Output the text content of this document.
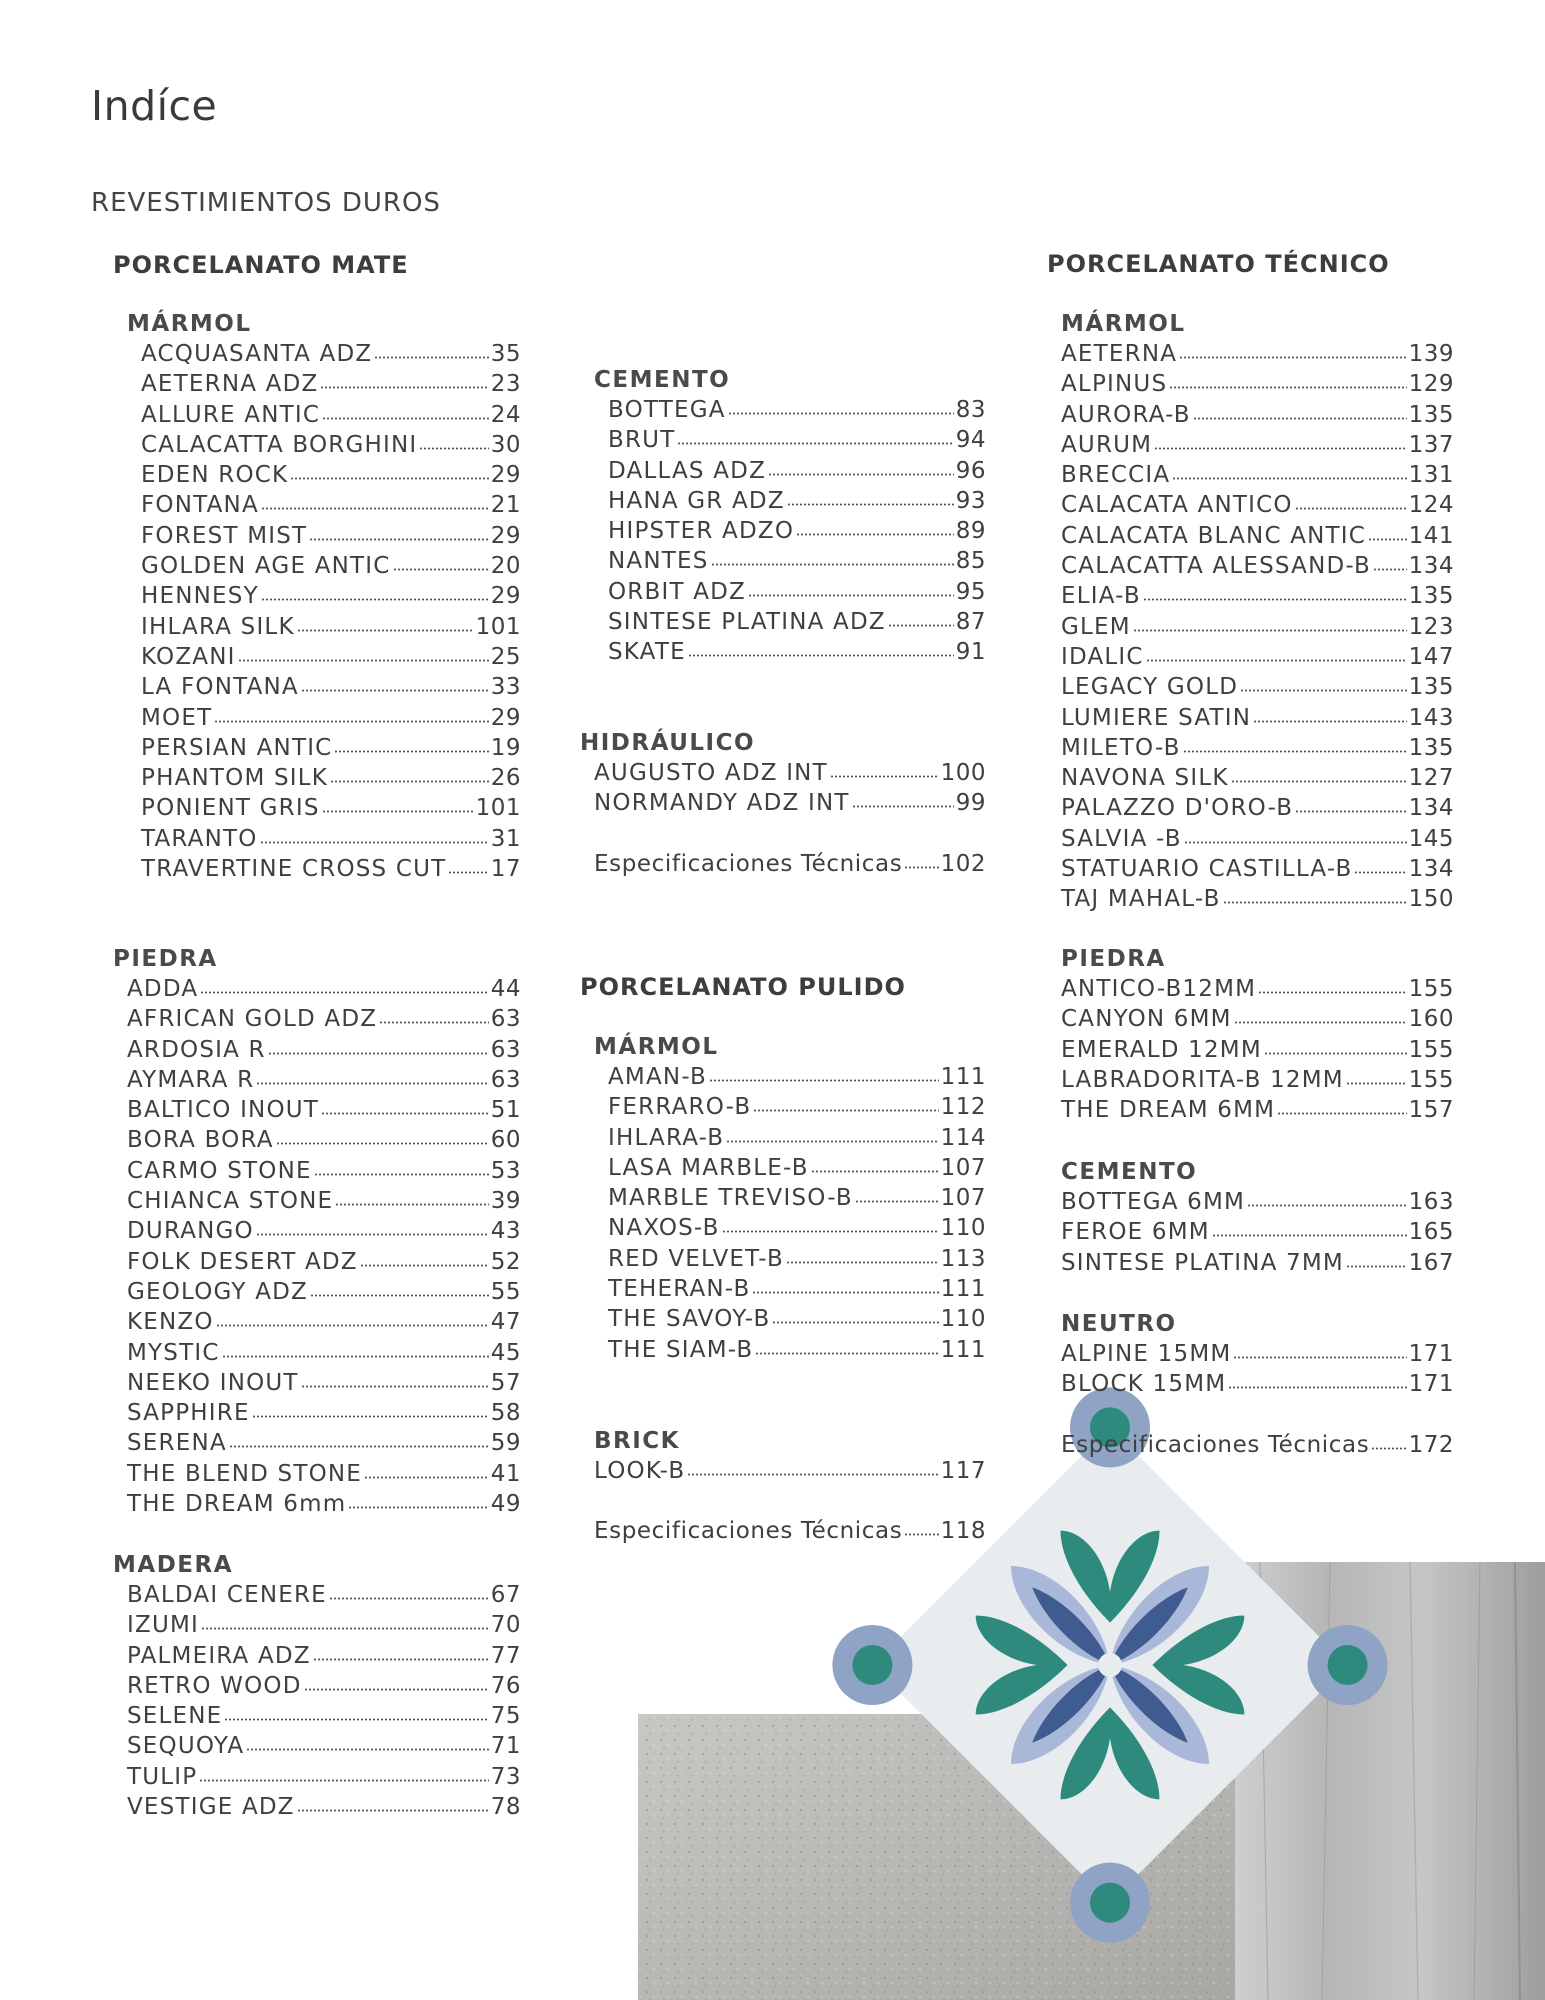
Indíce
REVESTIMIENTOS DUROS
PORCELANATO MATE
MÁRMOL
ACQUASANTA ADZ	35
AETERNA ADZ	23
ALLURE ANTIC	24
CALACATTA BORGHINI	30
EDEN ROCK	29
FONTANA	21
FOREST MIST	29
GOLDEN AGE ANTIC	20
HENNESY	29
IHLARA SILK	101
KOZANI	25
LA FONTANA	33
MOET	29
PERSIAN ANTIC	19
PHANTOM SILK	26
PONIENT GRIS	101
TARANTO	31
TRAVERTINE CROSS CUT 17
PIEDRA
ADDA	44
AFRICAN GOLD ADZ	63
ARDOSIA R	63
AYMARA R	63
BALTICO INOUT	51
BORA BORA	60
CARMO STONE	53
CHIANCA STONE	39
DURANGO	43
FOLK DESERT ADZ	52
GEOLOGY ADZ	55
KENZO	47
MYSTIC	45
NEEKO INOUT	57
SAPPHIRE	58
SERENA	59
THE BLEND STONE	41
THE DREAM 6mm	49
MADERA
BALDAI CENERE	67
IZUMI	70
PALMEIRA ADZ	77
RETRO WOOD	76
SELENE	75
SEQUOYA	71
TULIP	73
VESTIGE ADZ	78
CEMENTO
BOTTEGA	83
BRUT	94
DALLAS ADZ	96
HANA GR ADZ	93
HIPSTER ADZO	89
NANTES	85
ORBIT ADZ	95
SINTESE PLATINA ADZ	87
SKATE	91
HIDRÁULICO
AUGUSTO ADZ INT	100
NORMANDY ADZ INT	99
Especificaciones Técnicas 102
PORCELANATO PULIDO
MÁRMOL
AMAN-B	111
FERRARO-B	112
IHLARA-B	114
LASA MARBLE-B	107
MARBLE TREVISO-B	107
NAXOS-B	110
RED VELVET-B	113
TEHERAN-B	111
THE SAVOY-B	110
THE SIAM-B	111
BRICK
LOOK-B	117
Especificaciones Técnicas 118
PORCELANATO TÉCNICO
MÁRMOL
AETERNA	139
ALPINUS	129
AURORA-B	135
AURUM	137
BRECCIA	131
CALACATA ANTICO	124
CALACATA BLANC ANTIC 141
CALACATTA ALESSAND-B 134
ELIA-B	135
GLEM	123
IDALIC	147
LEGACY GOLD	135
LUMIERE SATIN	143
MILETO-B	135
NAVONA SILK	127
PALAZZO D'ORO-B	134
SALVIA -B	145
STATUARIO CASTILLA-B 134
TAJ MAHAL-B	150
PIEDRA
ANTICO-B12MM	155
CANYON 6MM	160
EMERALD 12MM	155
LABRADORITA-B 12MM	155
THE DREAM 6MM	157
CEMENTO
BOTTEGA 6MM	163
FEROE 6MM	165
SINTESE PLATINA 7MM	167
NEUTRO
ALPINE 15MM	171
BLOCK 15MM	171
Especificaciones Técnicas 172
